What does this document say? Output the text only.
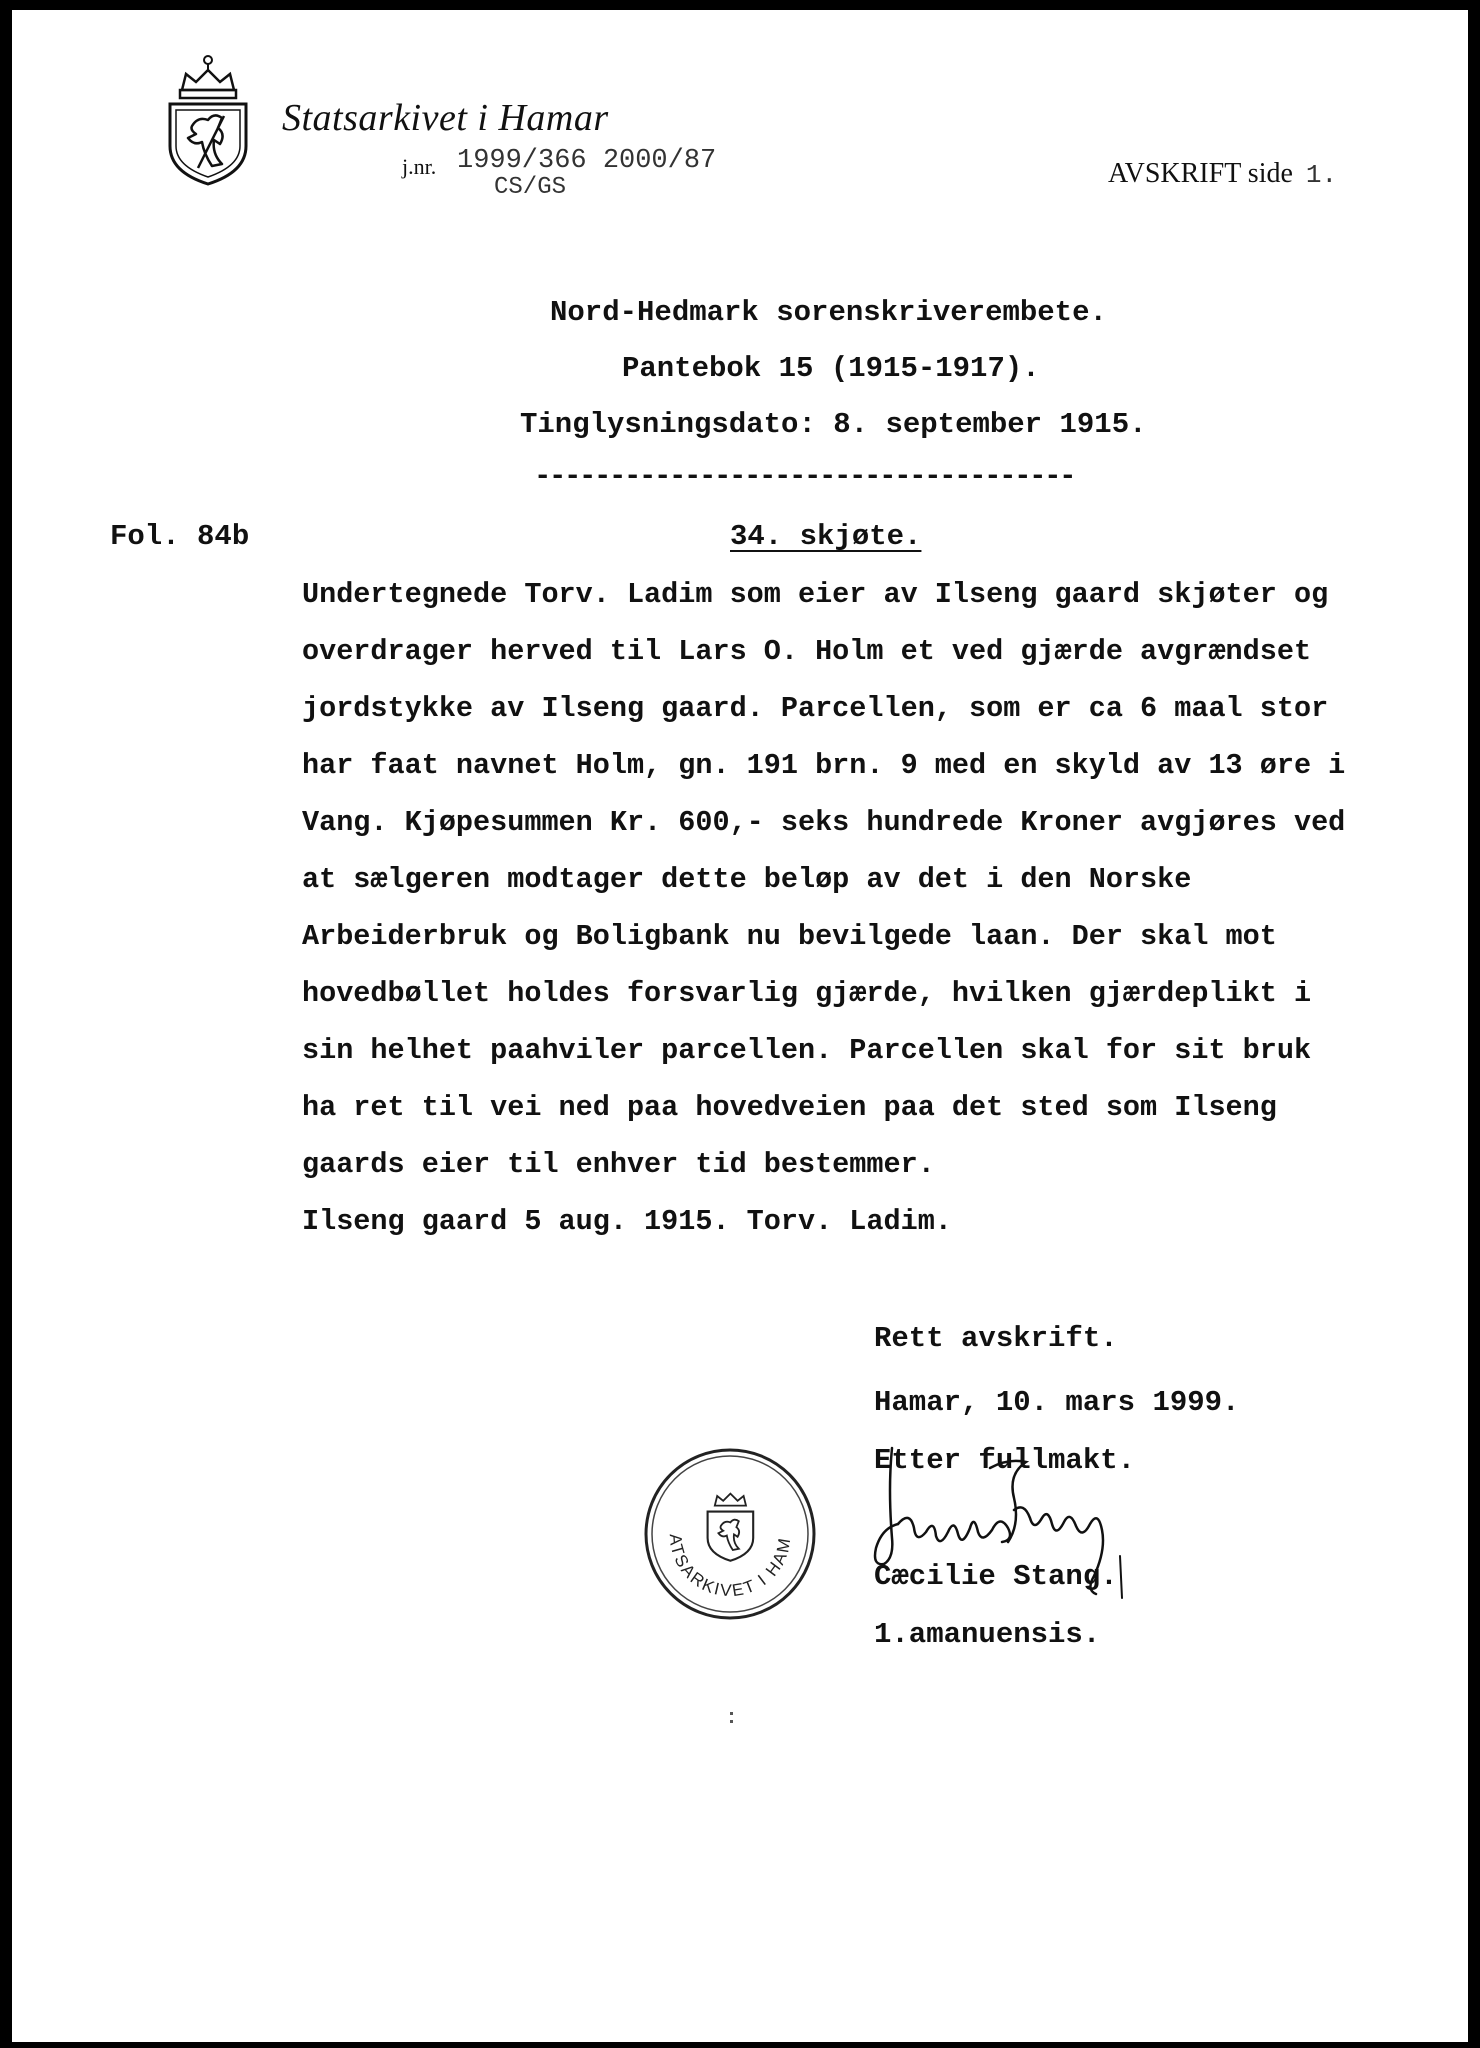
Statsarkivet i Hamar
j.nr. 1999/366 2000/87
CS/GS	AVSKRIFT side 1.
Nord-Hedmark sorenskriverembete.
Pantebok 15 (1915-1917).
Tinglysningsdato: 8. september 1915.
------------------------------------
Fol. 84b	34. skjøte.
Undertegnede Torv. Ladim som eier av Ilseng gaard skjøter og
overdrager herved til Lars O. Holm et ved gjærde avgrændset
jordstykke av Ilseng gaard. Parcellen, som er ca 6 maal stor
har faat navnet Holm, gn. 191 brn. 9 med en skyld av 13 øre i
Vang. Kjøpesummen Kr. 600,- seks hundrede Kroner avgjøres ved
at sælgeren modtager dette beløp av det i den Norske
Arbeiderbruk og Boligbank nu bevilgede laan. Der skal mot
hovedbøllet holdes forsvarlig gjærde, hvilken gjærdeplikt i
sin helhet paahviler parcellen. Parcellen skal for sit bruk
ha ret til vei ned paa hovedveien paa det sted som Ilseng
gaards eier til enhver tid bestemmer.
Ilseng gaard 5 aug. 1915. Torv. Ladim.
Rett avskrift.
Hamar, 10. mars 1999.
Etter fullmakt.
Cæcilie Stang.
1.amanuensis.
STATSARKIVET I HAMAR
